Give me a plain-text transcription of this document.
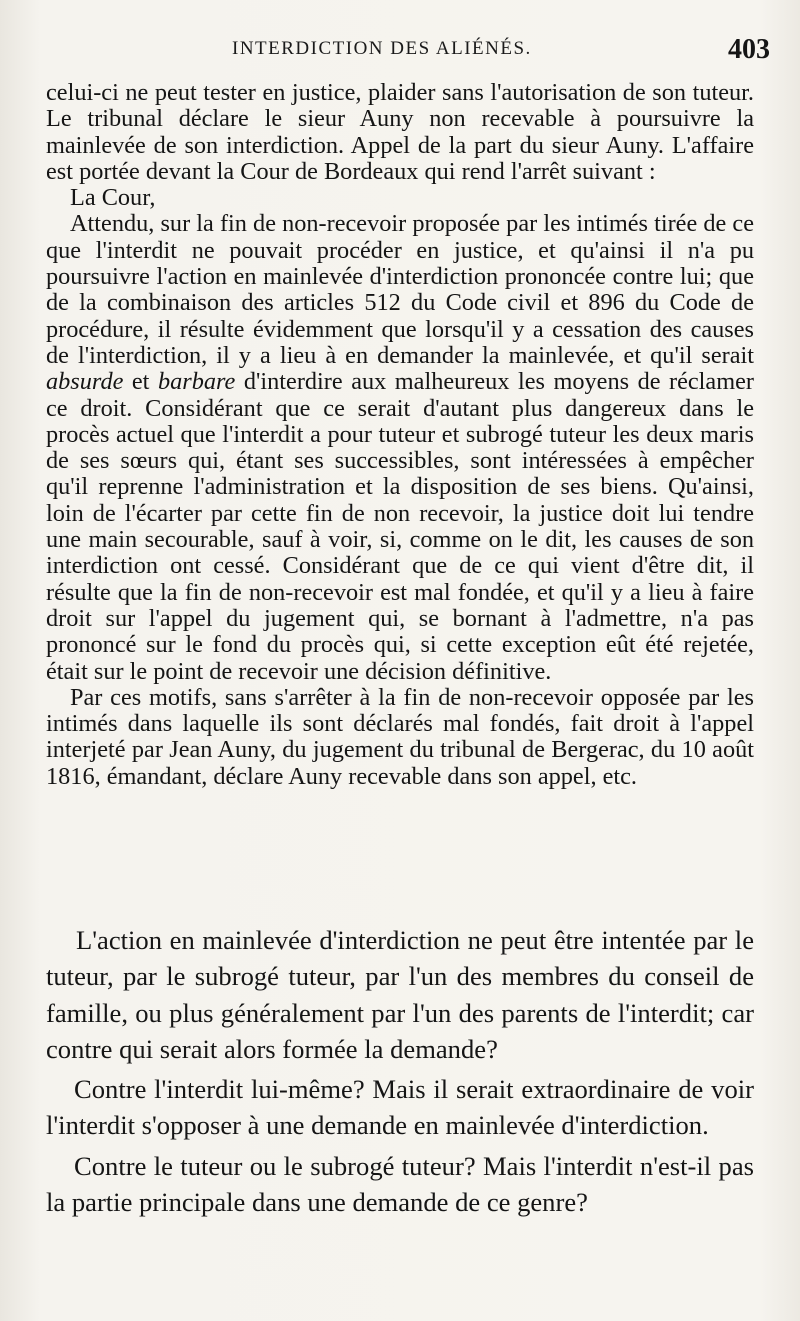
INTERDICTION DES ALIÉNÉS.	403

celui-ci ne peut tester en justice, plaider sans l'autorisation de son tuteur. Le tribunal déclare le sieur Auny non recevable à poursuivre la mainlevée de son interdiction. Appel de la part du sieur Auny. L'affaire est portée devant la Cour de Bordeaux qui rend l'arrêt suivant :

La Cour,

Attendu, sur la fin de non-recevoir proposée par les intimés tirée de ce que l'interdit ne pouvait procéder en justice, et qu'ainsi il n'a pu poursuivre l'action en mainlevée d'interdiction prononcée contre lui; que de la combinaison des articles 512 du Code civil et 896 du Code de procédure, il résulte évidemment que lorsqu'il y a cessation des causes de l'interdiction, il y a lieu à en demander la mainlevée, et qu'il serait absurde et barbare d'interdire aux malheureux les moyens de réclamer ce droit. Considérant que ce serait d'autant plus dangereux dans le procès actuel que l'interdit a pour tuteur et subrogé tuteur les deux maris de ses sœurs qui, étant ses successibles, sont intéressées à empêcher qu'il reprenne l'administration et la disposition de ses biens. Qu'ainsi, loin de l'écarter par cette fin de non recevoir, la justice doit lui tendre une main secourable, sauf à voir, si, comme on le dit, les causes de son interdiction ont cessé. Considérant que de ce qui vient d'être dit, il résulte que la fin de non-recevoir est mal fondée, et qu'il y a lieu à faire droit sur l'appel du jugement qui, se bornant à l'admettre, n'a pas prononcé sur le fond du procès qui, si cette exception eût été rejetée, était sur le point de recevoir une décision définitive.

Par ces motifs, sans s'arrêter à la fin de non-recevoir opposée par les intimés dans laquelle ils sont déclarés mal fondés, fait droit à l'appel interjeté par Jean Auny, du jugement du tribunal de Bergerac, du 10 août 1816, émandant, déclare Auny recevable dans son appel, etc.

L'action en mainlevée d'interdiction ne peut être intentée par le tuteur, par le subrogé tuteur, par l'un des membres du conseil de famille, ou plus généralement par l'un des parents de l'interdit; car contre qui serait alors formée la demande?

Contre l'interdit lui-même? Mais il serait extraordinaire de voir l'interdit s'opposer à une demande en mainlevée d'interdiction.

Contre le tuteur ou le subrogé tuteur? Mais l'interdit n'est-il pas la partie principale dans une demande de ce genre?
